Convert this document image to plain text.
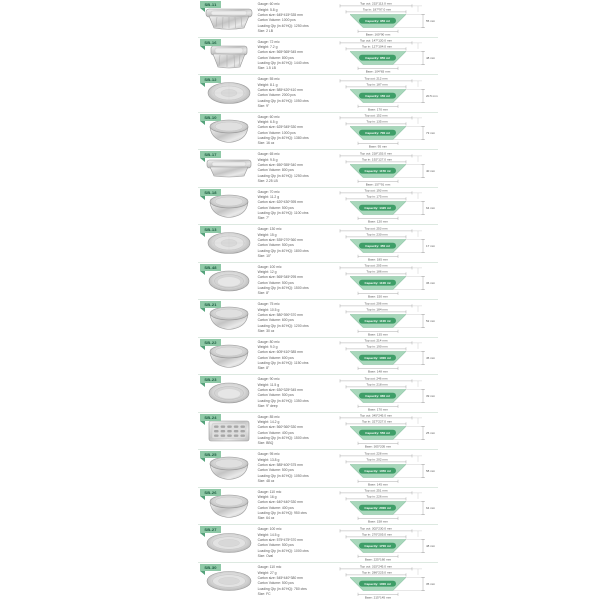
SB-11	Gauge: 60 mic
Weight: 5.8 g
Carton size: 645*415*335 mm
Carton Volume: 1000 pcs
Loading Qty (in 40'HQ): 1250 ctns
Size: 2 LB
Top out: 215*113.0 mm
Top in: 187*97.0 mm
Capacity: 950 ml
Base: 160*90 mm
55 mm
SB-16	Gauge: 72 mic
Weight: 7.2 g
Carton size: 565*365*345 mm
Carton Volume: 800 pcs
Loading Qty (in 40'HQ): 1440 ctns
Size: 1.5 LB
Top out: 147*120.0 mm
Top in: 127*104.0 mm
Capacity: 850 ml
Base: 104*83 mm
48 mm
SB-12	Gauge: 55 mic
Weight: 8.1 g
Carton size: 585*420*410 mm
Carton Volume: 2000 pcs
Loading Qty (in 40'HQ): 1050 ctns
Size: 9"
Top out: 212 mm
Top in: 187 mm
Capacity: 150 ml
Base: 170 mm
20.5 mm
SB-10	Gauge: 60 mic
Weight: 6.5 g
Carton size: 625*345*330 mm
Carton Volume: 1000 pcs
Loading Qty (in 40'HQ): 1380 ctns
Size: 16 oz
Top out: 152 mm
Top in: 135 mm
Capacity: 700 ml
Base: 95 mm
73 mm
SB-17	Gauge: 65 mic
Weight: 9.5 g
Carton size: 650*355*340 mm
Carton Volume: 800 pcs
Loading Qty (in 40'HQ): 1250 ctns
Size: 2.25 LB
Top out: 218*153.0 mm
Top in: 192*127.0 mm
Capacity: 1150 ml
Base: 157*91 mm
40 mm
SB-18	Gauge: 70 mic
Weight: 11.2 g
Carton size: 620*430*395 mm
Carton Volume: 500 pcs
Loading Qty (in 40'HQ): 1100 ctns
Size: 7"
Top out: 193 mm
Top in: 175 mm
Capacity: 1420 ml
Base: 120 mm
64 mm
SB-13	Gauge: 130 mic
Weight: 15 g
Carton size: 535*270*360 mm
Carton Volume: 500 pcs
Loading Qty (in 40'HQ): 1800 ctns
Size: 10"
Top out: 253 mm
Top in: 230 mm
Capacity: 450 ml
Base: 185 mm
17 mm
SB-48	Gauge: 100 mic
Weight: 12 g
Carton size: 565*345*295 mm
Carton Volume: 500 pcs
Loading Qty (in 40'HQ): 1500 ctns
Size: 8"
Top out: 205 mm
Top in: 186 mm
Capacity: 1100 ml
Base: 150 mm
36 mm
SB-21	Gauge: 75 mic
Weight: 10.5 g
Carton size: 580*390*370 mm
Carton Volume: 600 pcs
Loading Qty (in 40'HQ): 1200 ctns
Size: 30 oz
Top out: 206 mm
Top in: 184 mm
Capacity: 1100 ml
Base: 135 mm
52 mm
SB-22	Gauge: 80 mic
Weight: 9.0 g
Carton size: 605*410*385 mm
Carton Volume: 600 pcs
Loading Qty (in 40'HQ): 1150 ctns
Size: 8"
Top out: 214 mm
Top in: 190 mm
Capacity: 1000 ml
Base: 148 mm
45 mm
SB-23	Gauge: 90 mic
Weight: 11.5 g
Carton size: 630*325*345 mm
Carton Volume: 500 pcs
Loading Qty (in 40'HQ): 1350 ctns
Size: 9" deep
Top out: 246 mm
Top in: 218 mm
Capacity: 960 ml
Base: 170 mm
39 mm
SB-24	Gauge: 85 mic
Weight: 14.2 g
Carton size: 560*360*330 mm
Carton Volume: 400 pcs
Loading Qty (in 40'HQ): 1500 ctns
Size: BBQ
Top out: 345*245.0 mm
Top in: 327*227.0 mm
Capacity: 550 ml
Base: 305*205 mm
25 mm
SB-25	Gauge: 95 mic
Weight: 13.8 g
Carton size: 585*400*375 mm
Carton Volume: 500 pcs
Loading Qty (in 40'HQ): 1050 ctns
Size: 48 oz
Top out: 228 mm
Top in: 202 mm
Capacity: 1350 ml
Base: 145 mm
58 mm
SB-26	Gauge: 110 mic
Weight: 16 g
Carton size: 640*440*330 mm
Carton Volume: 400 pcs
Loading Qty (in 40'HQ): 950 ctns
Size: 64 oz
Top out: 251 mm
Top in: 226 mm
Capacity: 2000 ml
Base: 158 mm
64 mm
SB-27	Gauge: 100 mic
Weight: 14.5 g
Carton size: 575*475*370 mm
Carton Volume: 500 pcs
Loading Qty (in 40'HQ): 1000 ctns
Size: Oval
Top out: 302*230.0 mm
Top in: 270*205.0 mm
Capacity: 1700 ml
Base: 225*160 mm
48 mm
SB-30	Gauge: 110 mic
Weight: 27 g
Carton size: 545*440*380 mm
Carton Volume: 500 pcs
Loading Qty (in 40'HQ): 780 ctns
Size: FC
Top out: 315*245.0 mm
Top in: 286*225.0 mm
Capacity: 1000 ml
Base: 215*145 mm
35 mm
